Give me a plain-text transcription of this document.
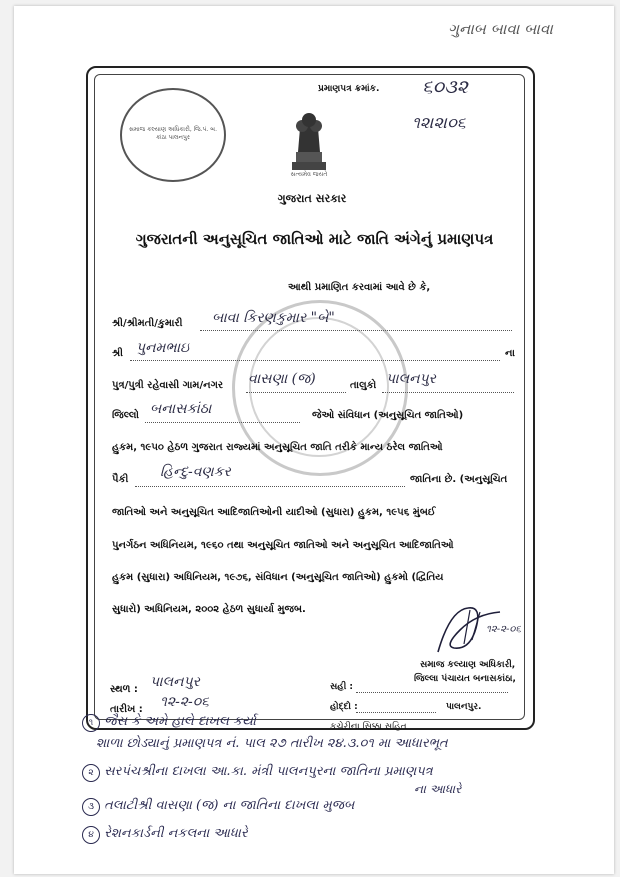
ગુનાબ બાવા બાવા
સમાજ કલ્યાણ અધિકારી, જિ.પં. બ. કાંઠા પાલનપુર
સત્યમેવ જયતે
ગુજરાત સરકાર
પ્રમાણપત્ર ક્રમાંક. ૬૦૩૨
૧૨।૨।૦૬
ગુજરાતની અનુસૂચિત જાતિઓ માટે જાતિ અંગેનું પ્રમાણપત્ર
આથી પ્રમાણિત કરવામાં આવે છે કે,
શ્રી/શ્રીમતી/કુમારી બાવા કિરણકુમાર "બે"
શ્રી પુનમભાઇ	ના
પુત્ર/પુત્રી રહેવાસી ગામ/નગર વાસણા (જ)	તાલુકો પાલનપુર
જિલ્લો બનાસકાંઠા	જેઓ સંવિધાન (અનુસૂચિત જાતિઓ)
હુકમ, ૧૯૫૦ હેઠળ ગુજરાત રાજ્યમાં અનુસૂચિત જાતિ તરીકે માન્ય ઠરેલ જાતિઓ
પૈકી હિન્દુ-વણકર	જાતિના છે. (અનુસૂચિત
જાતિઓ અને અનુસૂચિત આદિજાતિઓની યાદીઓ (સુધારા) હુકમ, ૧૯૫૬ મુંબઈ
પુનર્ગઠન અધિનિયમ, ૧૯૬૦ તથા અનુસૂચિત જાતિઓ અને અનુસૂચિત આદિજાતિઓ
હુકમ (સુધારા) અધિનિયમ, ૧૯૭૬, સંવિધાન (અનુસૂચિત જાતિઓ) હુકમો (દ્વિતિય
સુધારો) અધિનિયમ, ૨૦૦૨ હેઠળ સુધાર્યા મુજબ.
૧૨-૨-૦૬
સમાજ કલ્યાણ અધિકારી,
જિલ્લા પંચાયત બનાસકાંઠા,
સ્થળ : પાલનપુર	સહી :
તારીખ : ૧૨-૨-૦૬	હોદ્દો :	પાલનપુર.
કચેરીના સિક્કા સહિત
૧ જૈસ કે અમે હાલે દાખલ કર્યા
શાળા છોડ્યાનું પ્રમાણપત્ર નં. પાલ ૨૭ તારીખ ૨૪.૩.૦૧ મા આધારભૂત
૨ સરપંચશ્રીના દાખલા આ.કા. મંત્રી પાલનપુરના જાતિના પ્રમાણપત્ર
ના આધારે
૩ તલાટીશ્રી વાસણા (જ) ના જાતિના દાખલા મુજબ
૪ રેશનકાર્ડની નકલના આધારે
